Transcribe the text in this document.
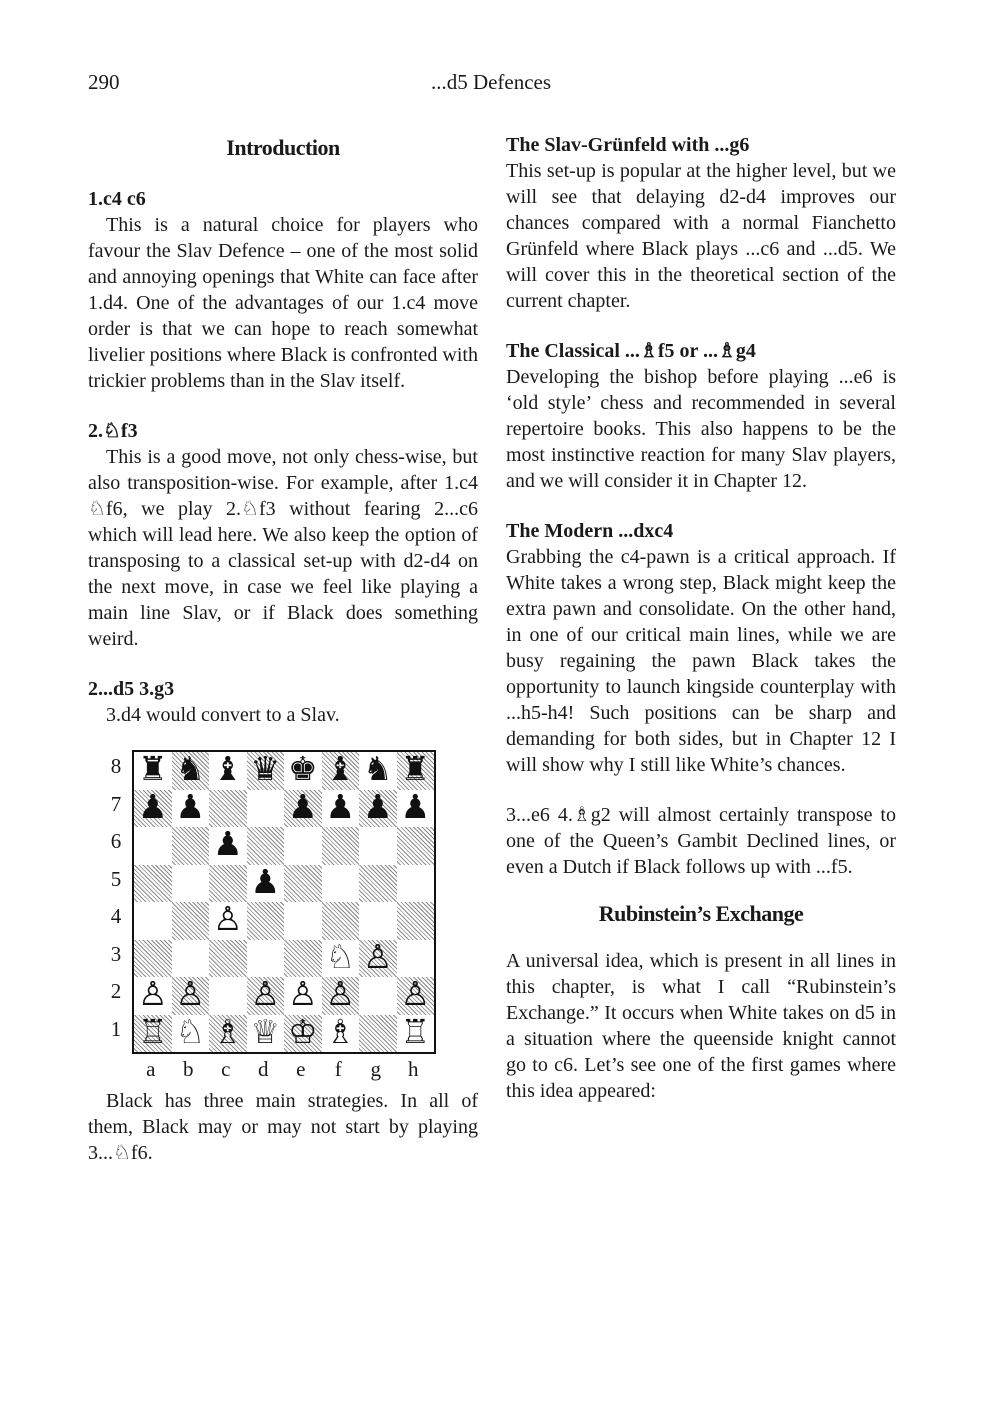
...d5 Defences
290
Introduction
1.c4 c6

This is a natural choice for players who favour the Slav Defence – one of the most solid and annoying openings that White can face after 1.d4. One of the advantages of our 1.c4 move order is that we can hope to reach somewhat livelier positions where Black is confronted with trickier problems than in the Slav itself.

2.♘f3

This is a good move, not only chess-wise, but also transposition-wise. For example, after 1.c4 ♘f6, we play 2.♘f3 without fearing 2...c6 which will lead here. We also keep the option of transposing to a classical set-up with d2-d4 on the next move, in case we feel like playing a main line Slav, or if Black does something weird.

2...d5 3.g3

3.d4 would convert to a Slav.

8
7
6
5
4
3
2
1
♜ ♞ ♝ ♛ ♚ ♝ ♞ ♜
♟ ♟	♟ ♟ ♟ ♟
♟
♟
♙
♘ ♙
♙ ♙ ♙ ♙ ♙ ♙
♖ ♘ ♗ ♕ ♔ ♗ ♖
a	b	c	d	e	f	g	h

Black has three main strategies. In all of them, Black may or may not start by playing 3...♘f6.

The Slav-Grünfeld with ...g6

This set-up is popular at the higher level, but we will see that delaying d2-d4 improves our chances compared with a normal Fianchetto Grünfeld where Black plays ...c6 and ...d5. We will cover this in the theoretical section of the current chapter.

The Classical ...♗f5 or ...♗g4

Developing the bishop before playing ...e6 is ‘old style’ chess and recommended in several repertoire books. This also happens to be the most instinctive reaction for many Slav players, and we will consider it in Chapter 12.

The Modern ...dxc4

Grabbing the c4-pawn is a critical approach. If White takes a wrong step, Black might keep the extra pawn and consolidate. On the other hand, in one of our critical main lines, while we are busy regaining the pawn Black takes the opportunity to launch kingside counterplay with ...h5-h4! Such positions can be sharp and demanding for both sides, but in Chapter 12 I will show why I still like White’s chances.

3...e6 4.♗g2 will almost certainly transpose to one of the Queen’s Gambit Declined lines, or even a Dutch if Black follows up with ...f5.

Rubinstein’s Exchange

A universal idea, which is present in all lines in this chapter, is what I call “Rubinstein’s Exchange.” It occurs when White takes on d5 in a situation where the queenside knight cannot go to c6. Let’s see one of the first games where this idea appeared:
